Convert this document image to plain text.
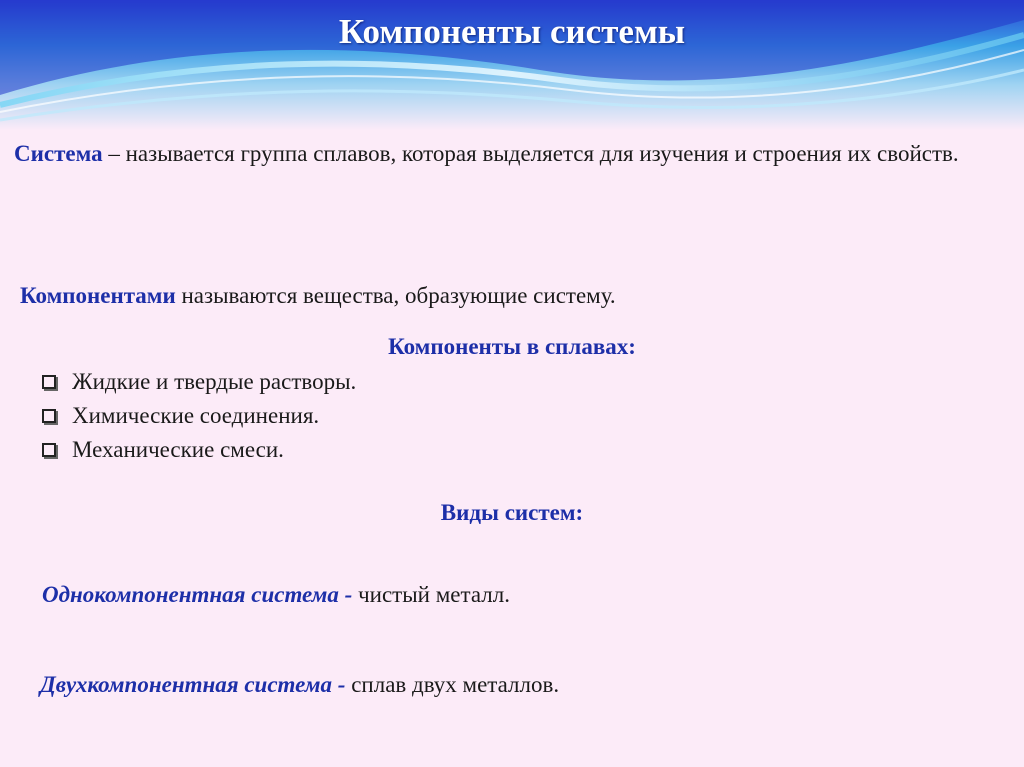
Компоненты системы
Система – называется группа сплавов, которая выделяется для изучения и строения их свойств.
Компонентами называются вещества, образующие систему.
Компоненты в сплавах:
Жидкие и твердые растворы.
Химические соединения.
Механические смеси.
Виды систем:
Однокомпонентная система - чистый металл.
Двухкомпонентная система - сплав двух металлов.
